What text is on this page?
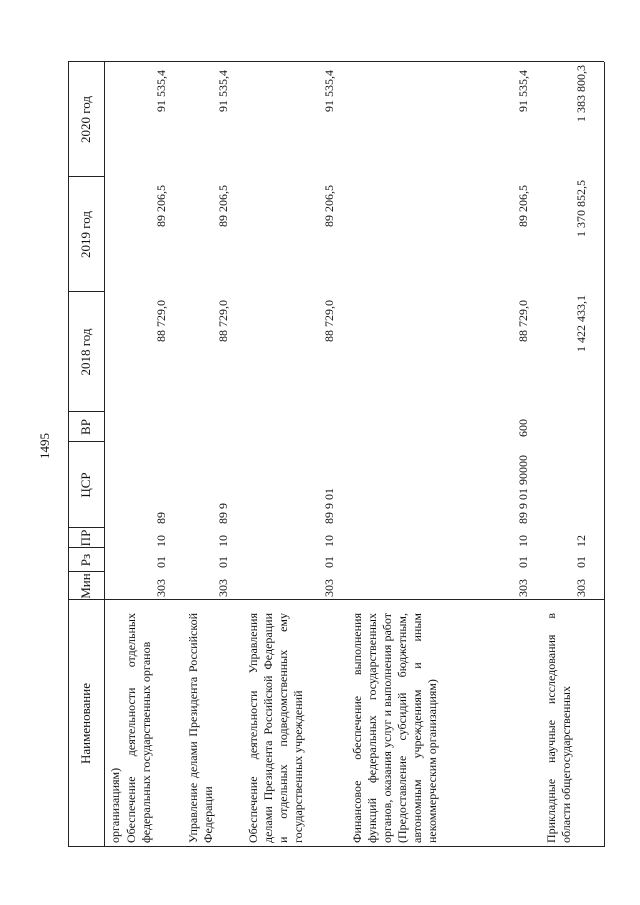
1495
Наименование
Мин
Рз
ПР
ЦСР
ВР
2018 год
2019 год
2020 год
организациям) Обеспечение деятельности отдельных федеральных государственных органов
303
01
10
89
88 729,0
89 206,5
91 535,4
Управление делами Президента Российской Федерации
303
01
10
89 9
88 729,0
89 206,5
91 535,4
Обеспечение деятельности Управления делами Президента Российской Федерации и отдельных подведомственных ему государственных учреждений
303
01
10
89 9 01
88 729,0
89 206,5
91 535,4
Финансовое обеспечение выполнения функций федеральных государственных органов, оказания услуг и выполнения работ (Предоставление субсидий бюджетным, автономным учреждениям и иным некоммерческим организациям)
303
01
10
89 9 01 90000
600
88 729,0
89 206,5
91 535,4
Прикладные научные исследования в области общегосударственных
303
01
12
1 422 433,1
1 370 852,5
1 383 800,3
